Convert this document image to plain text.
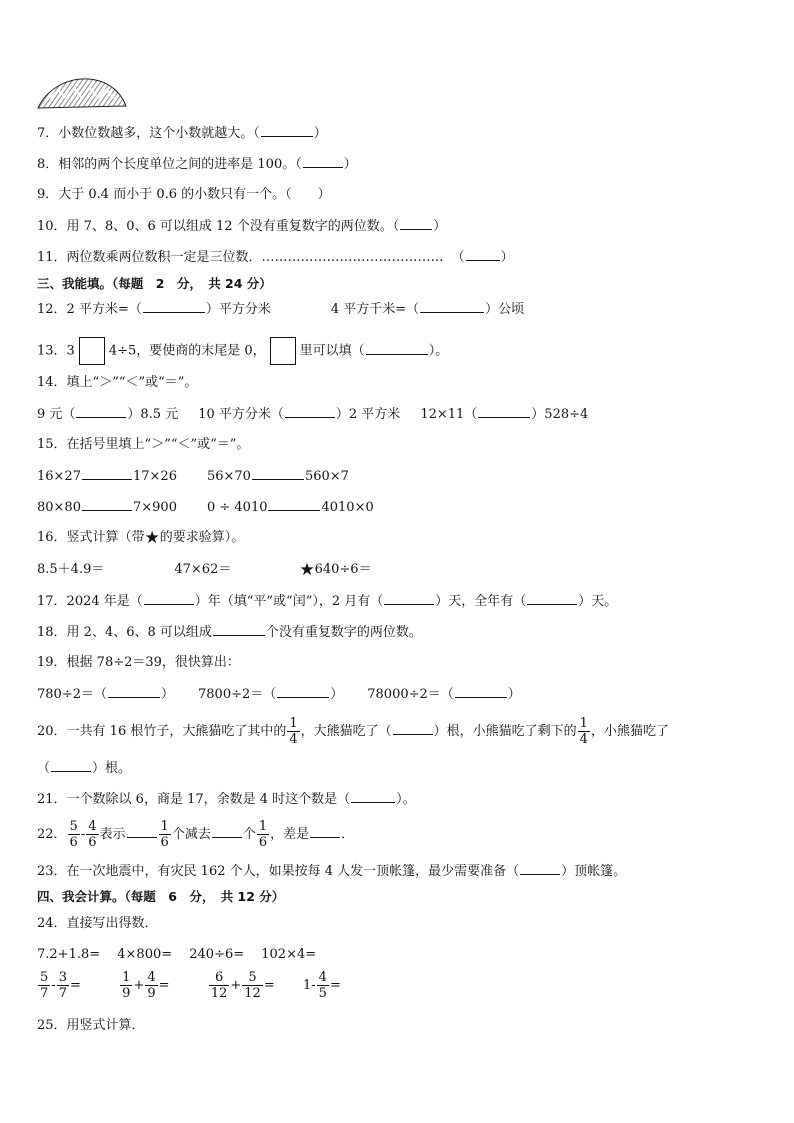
7．小数位数越多，这个小数就越大。（	）
8．相邻的两个长度单位之间的进率是 100。（	）
9．大于 0.4 而小于 0.6 的小数只有一个。（　　）
10．用 7、8、0、6 可以组成 12 个没有重复数字的两位数。（	）
11．两位数乘两位数积一定是三位数．…………………………………… （	）
三、我能填。（每题　2　分，　共 24 分）
12．2 平方米=（	）平方分米	4 平方千米=（	）公顷
13．3	4÷5，要使商的末尾是 0，	里可以填（	）。
14．填上“＞”“＜”或“＝”。
9 元（	）8.5 元 10 平方分米（	）2 平方米 12×11（	）528÷4
15．在括号里填上“＞”“＜”或“＝”。
16×27	17×26 56×70	560×7
80×80	7×900 0 ÷ 4010	4010×0
16．竖式计算（带★的要求验算）。
8.5＋4.9＝	47×62＝	★640÷6＝
17．2024 年是（	）年（填“平”或“闰”），2 月有（	）天，全年有（	）天。
18．用 2、4、6、8 可以组成	个没有重复数字的两位数。
19．根据 78÷2＝39，很快算出：
780÷2＝（	） 7800÷2＝（	） 78000÷2＝（	）
20．一共有 16 根竹子，大熊猫吃了其中的 $\frac{1}{4}$ ，大熊猫吃了（	）根，小熊猫吃了剩下的 $\frac{1}{4}$ ，小熊猫吃了
（	）根。
21．一个数除以 6，商是 17，余数是 4 时这个数是（	）。
22． $\frac{5}{6} - \frac{4}{6}$ 表示	$\frac{1}{6}$ 个减去 个 $\frac{1}{6}$ ，差是 ．
23．在一次地震中，有灾民 162 个人，如果按每 4 人发一顶帐篷，最少需要准备（	）顶帐篷。
四、我会计算。（每题　6　分，　共 12 分）
24．直接写出得数．
7.2+1.8=　 4×800=　 240÷6=　 102×4=
$\frac{5}{7} - \frac{3}{7}$ =	$\frac{1}{9} + \frac{4}{9}$ =	$\frac{6}{12} + \frac{5}{12} = 1- \frac{4}{5}$ =
25．用竖式计算．
